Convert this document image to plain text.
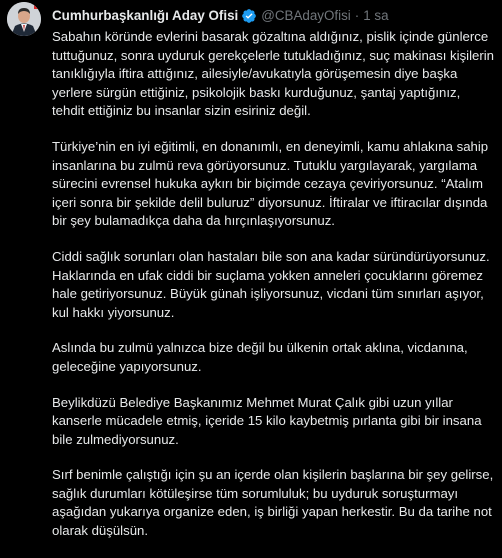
Cumhurbaşkanlığı Aday Ofisi @CBAdayOfisi · 1 sa

Sabahın köründe evlerini basarak gözaltına aldığınız, pislik içinde günlerce
tuttuğunuz, sonra uyduruk gerekçelerle tutukladığınız, suç makinası kişilerin
tanıklığıyla iftira attığınız, ailesiyle/avukatıyla görüşemesin diye başka
yerlere sürgün ettiğiniz, psikolojik baskı kurduğunuz, şantaj yaptığınız,
tehdit ettiğiniz bu insanlar sizin esiriniz değil.

Türkiye’nin en iyi eğitimli, en donanımlı, en deneyimli, kamu ahlakına sahip
insanlarına bu zulmü reva görüyorsunuz. Tutuklu yargılayarak, yargılama
sürecini evrensel hukuka aykırı bir biçimde cezaya çeviriyorsunuz. “Atalım
içeri sonra bir şekilde delil buluruz” diyorsunuz. İftiralar ve iftiracılar dışında
bir şey bulamadıkça daha da hırçınlaşıyorsunuz.

Ciddi sağlık sorunları olan hastaları bile son ana kadar süründürüyorsunuz.
Haklarında en ufak ciddi bir suçlama yokken anneleri çocuklarını göremez
hale getiriyorsunuz. Büyük günah işliyorsunuz, vicdani tüm sınırları aşıyor,
kul hakkı yiyorsunuz.

Aslında bu zulmü yalnızca bize değil bu ülkenin ortak aklına, vicdanına,
geleceğine yapıyorsunuz.

Beylikdüzü Belediye Başkanımız Mehmet Murat Çalık gibi uzun yıllar
kanserle mücadele etmiş, içeride 15 kilo kaybetmiş pırlanta gibi bir insana
bile zulmediyorsunuz.

Sırf benimle çalıştığı için şu an içerde olan kişilerin başlarına bir şey gelirse,
sağlık durumları kötüleşirse tüm sorumluluk; bu uyduruk soruşturmayı
aşağıdan yukarıya organize eden, iş birliği yapan herkestir. Bu da tarihe not
olarak düşülsün.
